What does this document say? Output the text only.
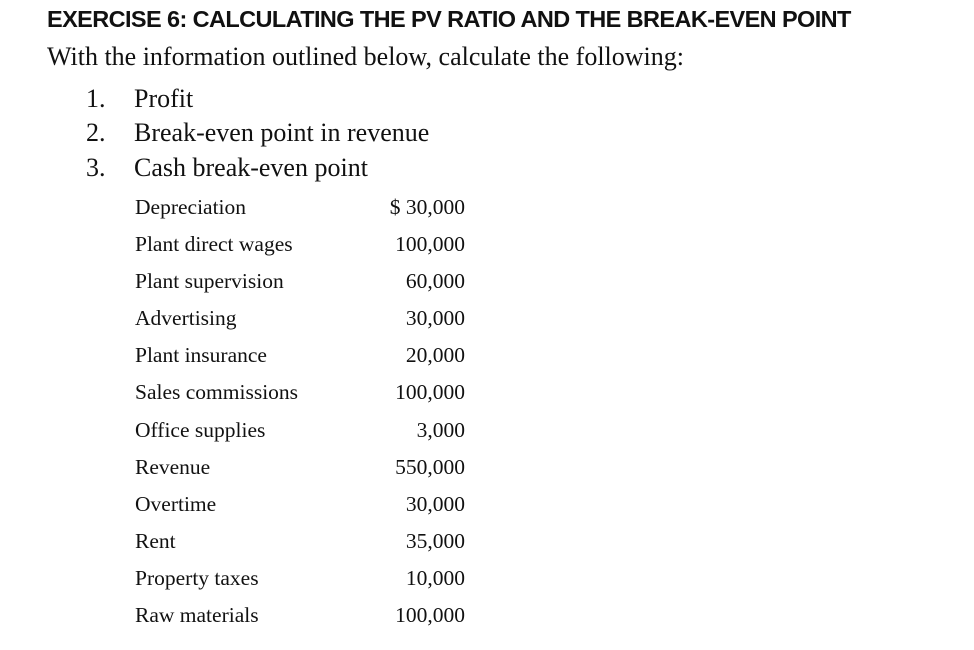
EXERCISE 6: CALCULATING THE PV RATIO AND THE BREAK-EVEN POINT
With the information outlined below, calculate the following:
1. Profit
2. Break-even point in revenue
3. Cash break-even point
Depreciation	$ 30,000
Plant direct wages	100,000
Plant supervision	60,000
Advertising	30,000
Plant insurance	20,000
Sales commissions	100,000
Office supplies	3,000
Revenue	550,000
Overtime	30,000
Rent	35,000
Property taxes	10,000
Raw materials	100,000
